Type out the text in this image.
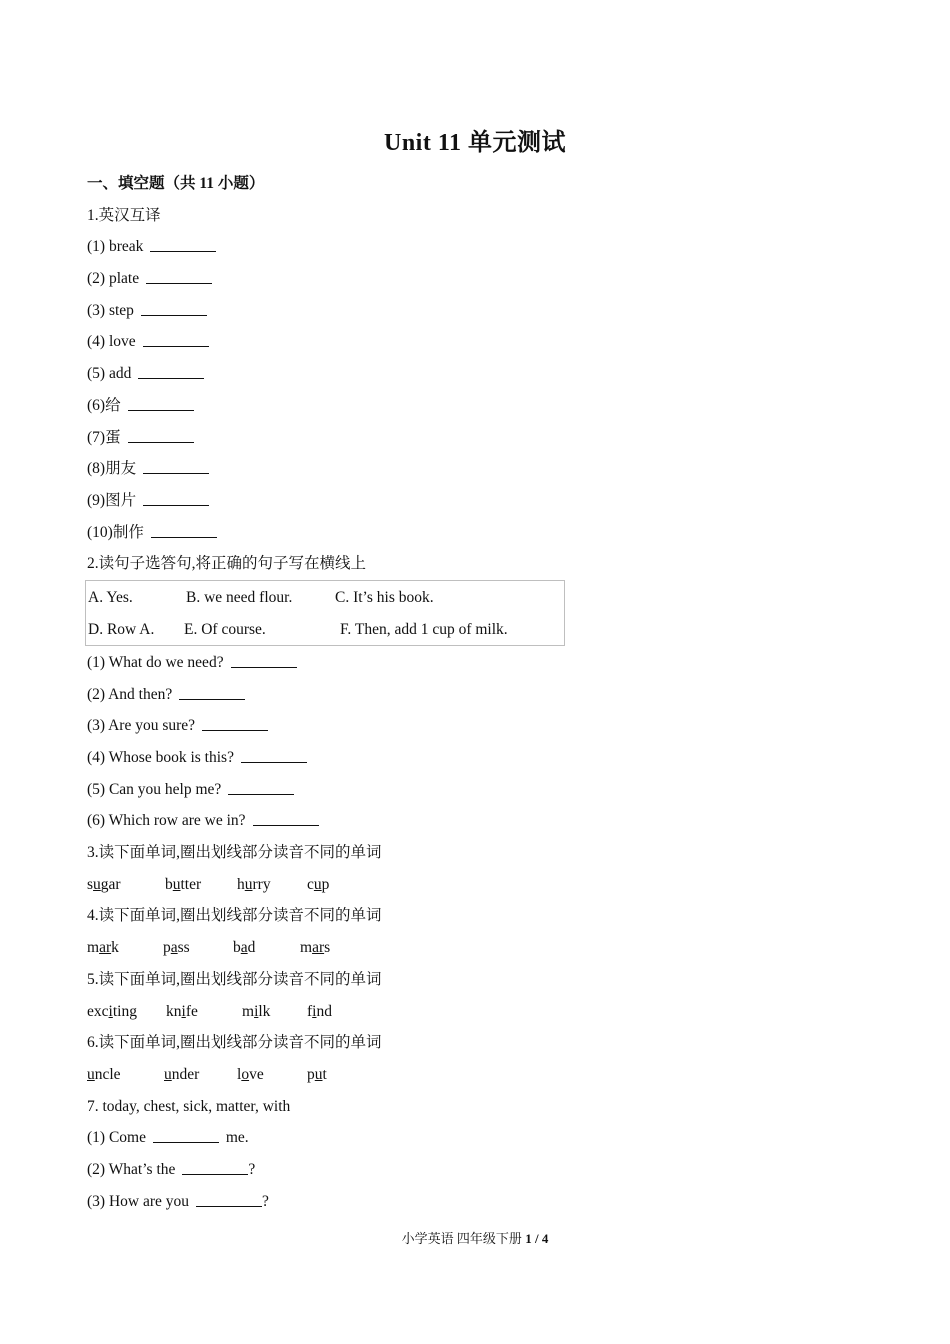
Unit 11 单元测试
一、填空题（共 11 小题）
1.英汉互译
(1) break
(2) plate
(3) step
(4) love
(5) add
(6)给
(7)蛋
(8)朋友
(9)图片
(10)制作
2.读句子选答句,将正确的句子写在横线上
A. Yes.	B. we need flour.	C. It’s his book.
D. Row A. E. Of course.	F. Then, add 1 cup of milk.
(1) What do we need?
(2) And then?
(3) Are you sure?
(4) Whose book is this?
(5) Can you help me?
(6) Which row are we in?
3.读下面单词,圈出划线部分读音不同的单词
sugar	butter hurry cup
4.读下面单词,圈出划线部分读音不同的单词
mark	pass	bad	mars
5.读下面单词,圈出划线部分读音不同的单词
exciting knife	milk find
6.读下面单词,圈出划线部分读音不同的单词
uncle	under love	put
7. today, chest, sick, matter, with
(1) Come	me.
(2) What’s the	?
(3) How are you	?
小学英语 四年级下册 1 / 4
